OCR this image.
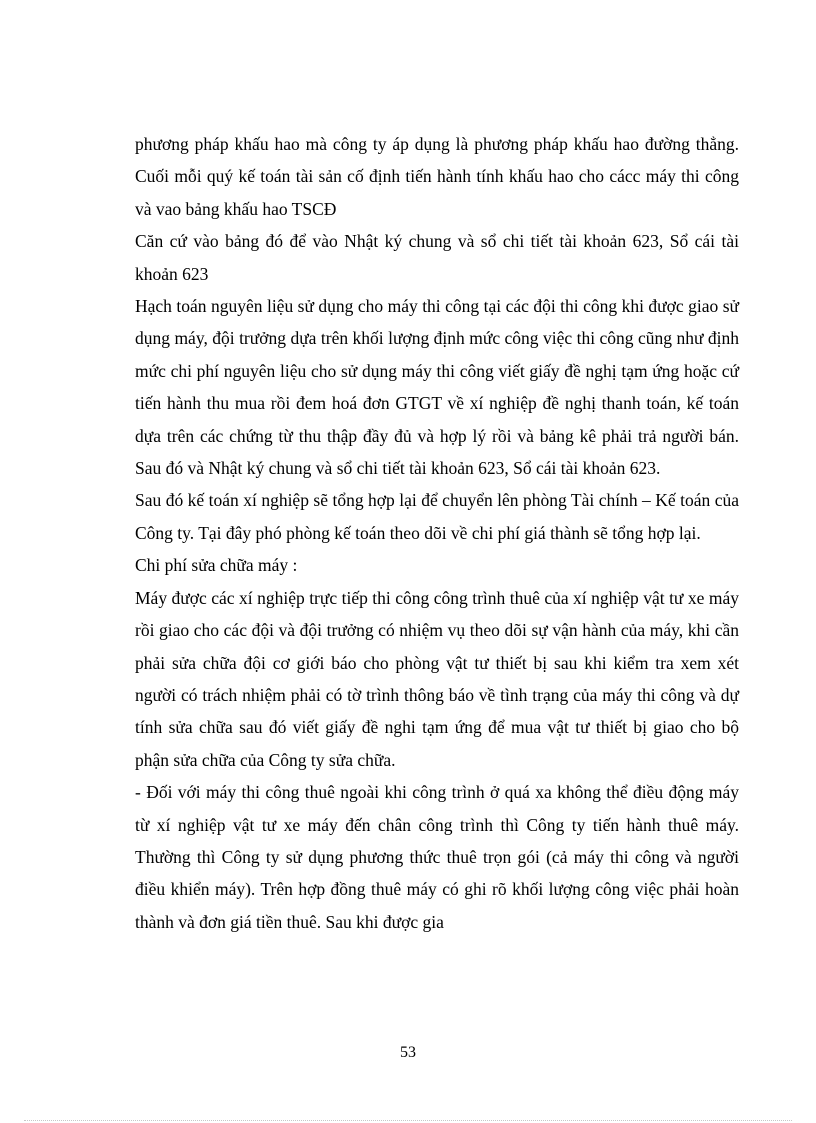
phương pháp khấu hao mà công ty áp dụng là phương pháp khấu hao đường thẳng. Cuối mỗi quý kế toán tài sản cố định tiến hành tính khấu hao cho cácc máy thi công và vao bảng khấu hao TSCĐ

Căn cứ vào bảng đó để vào Nhật ký chung và sổ chi tiết tài khoản 623, Sổ cái tài khoản 623

Hạch toán nguyên liệu sử dụng cho máy thi công tại các đội thi công khi được giao sử dụng máy, đội trưởng dựa trên khối lượng định mức công việc thi công cũng như định mức chi phí nguyên liệu cho sử dụng máy thi công viết giấy đề nghị tạm ứng hoặc cứ tiến hành thu mua rồi đem hoá đơn GTGT về xí nghiệp đề nghị thanh toán, kế toán dựa trên các chứng từ thu thập đầy đủ và hợp lý rồi và bảng kê phải trả người bán. Sau đó và Nhật ký chung và sổ chi tiết tài khoản 623, Sổ cái tài khoản 623.

Sau đó kế toán xí nghiệp sẽ tổng hợp lại để chuyển lên phòng Tài chính – Kế toán của Công ty. Tại đây phó phòng kế toán theo dõi về chi phí giá thành sẽ tổng hợp lại.

Chi phí sửa chữa máy :

Máy được các xí nghiệp trực tiếp thi công công trình thuê của xí nghiệp vật tư xe máy rồi giao cho các đội và đội trưởng có nhiệm vụ theo dõi sự vận hành của máy, khi cần phải sửa chữa đội cơ giới báo cho phòng vật tư thiết bị sau khi kiểm tra xem xét người có trách nhiệm phải có tờ trình thông báo về tình trạng của máy thi công và dự tính sửa chữa sau đó viết giấy đề nghi tạm ứng để mua vật tư thiết bị giao cho bộ phận sửa chữa của Công ty sửa chữa.

- Đối với máy thi công thuê ngoài khi công trình ở quá xa không thể điều động máy từ xí nghiệp vật tư xe máy đến chân công trình thì Công ty tiến hành thuê máy. Thường thì Công ty sử dụng phương thức thuê trọn gói (cả máy thi công và người điều khiển máy). Trên hợp đồng thuê máy có ghi rõ khối lượng công việc phải hoàn thành và đơn giá tiền thuê. Sau khi được gia

53
